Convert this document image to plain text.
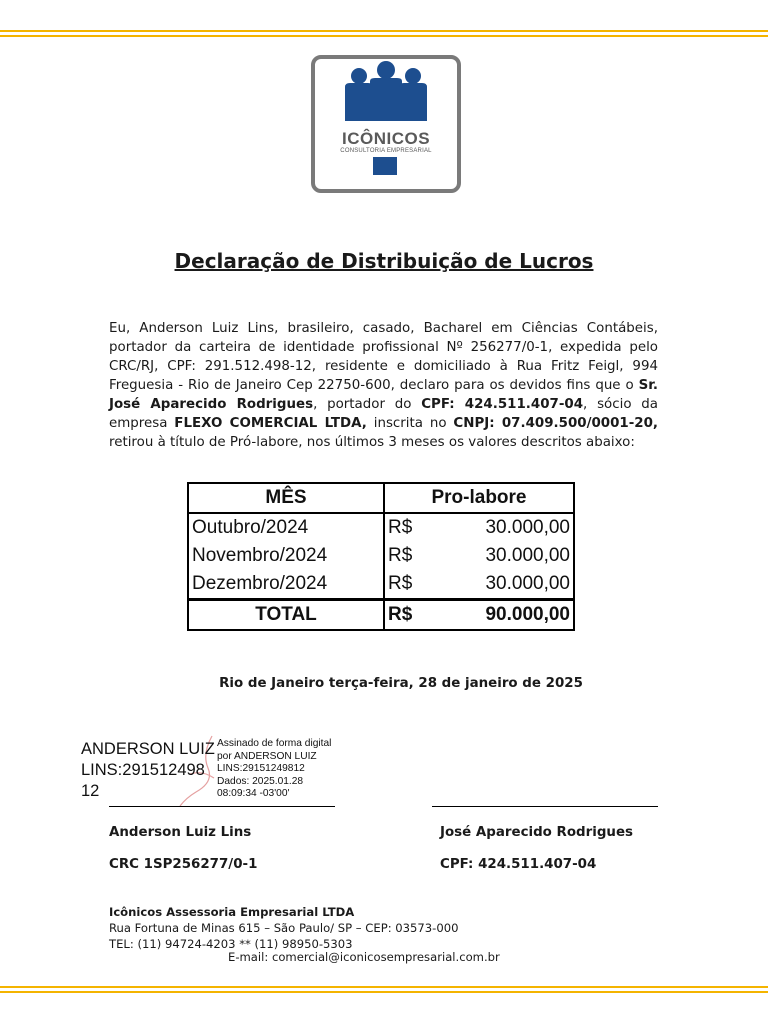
ICÔNICOS
CONSULTORIA EMPRESARIAL
Declaração de Distribuição de Lucros
Eu, Anderson Luiz Lins, brasileiro, casado, Bacharel em Ciências Contábeis, portador da carteira de identidade profissional Nº 256277/0-1, expedida pelo CRC/RJ, CPF: 291.512.498-12, residente e domiciliado à Rua Fritz Feigl, 994 Freguesia - Rio de Janeiro Cep 22750-600, declaro para os devidos fins que o Sr. José Aparecido Rodrigues, portador do CPF: 424.511.407-04, sócio da empresa FLEXO COMERCIAL LTDA, inscrita no CNPJ: 07.409.500/0001-20, retirou à título de Pró-labore, nos últimos 3 meses os valores descritos abaixo:
MÊS	Pro-labore	
Outubro/2024	R$	30.000,00
Novembro/2024	R$	30.000,00
Dezembro/2024	R$	30.000,00
TOTAL	R$	90.000,00
Rio de Janeiro terça-feira, 28 de janeiro de 2025
ANDERSON LUIZ
LINS:291512498
12
Assinado de forma digital
por ANDERSON LUIZ
LINS:29151249812
Dados: 2025.01.28
08:09:34 -03'00'
Anderson Luiz Lins
CRC 1SP256277/0-1
José Aparecido Rodrigues
CPF: 424.511.407-04
Icônicos Assessoria Empresarial LTDA
Rua Fortuna de Minas 615 – São Paulo/ SP – CEP: 03573-000
TEL: (11) 94724-4203 ** (11) 98950-5303
E-mail: comercial@iconicosempresarial.com.br
